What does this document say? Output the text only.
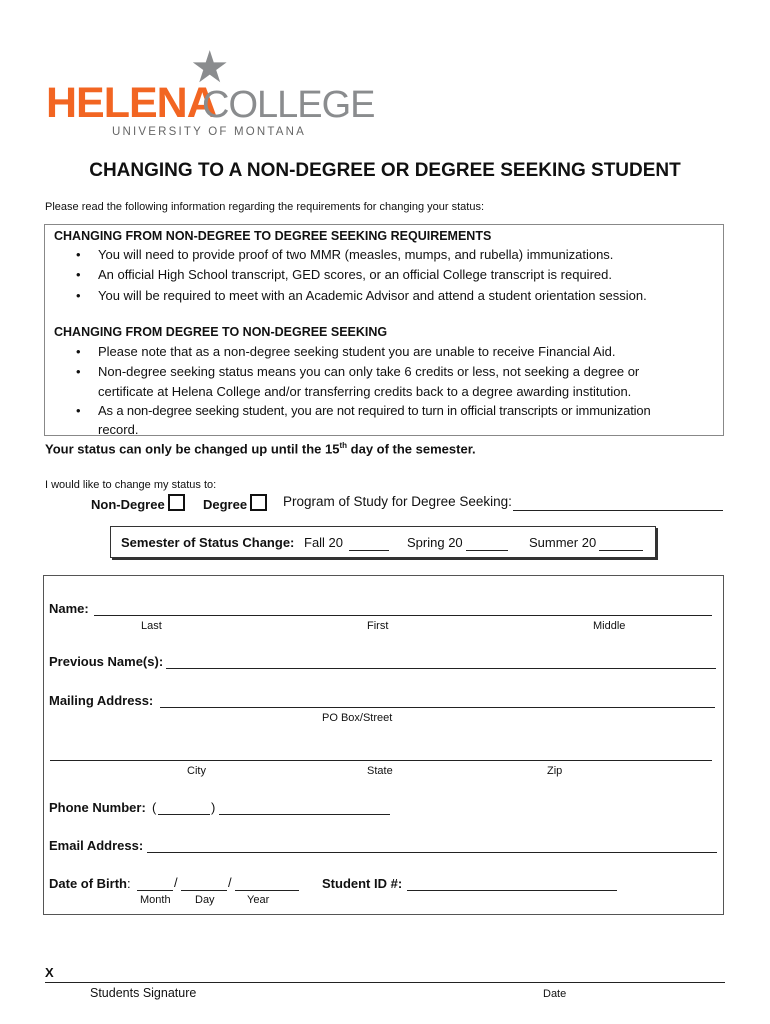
★
HELENA
COLLEGE
UNIVERSITY OF MONTANA
CHANGING TO A NON-DEGREE OR DEGREE SEEKING STUDENT
Please read the following information regarding the requirements for changing your status:
CHANGING FROM NON-DEGREE TO DEGREE SEEKING REQUIREMENTS
• You will need to provide proof of two MMR (measles, mumps, and rubella) immunizations.
• An official High School transcript, GED scores, or an official College transcript is required.
• You will be required to meet with an Academic Advisor and attend a student orientation session.
CHANGING FROM DEGREE TO NON-DEGREE SEEKING
• Please note that as a non-degree seeking student you are unable to receive Financial Aid.
• Non-degree seeking status means you can only take 6 credits or less, not seeking a degree or
certificate at Helena College and/or transferring credits back to a degree awarding institution.
• As a non-degree seeking student, you are not required to turn in official transcripts or immunization
record.
Your status can only be changed up until the 15th day of the semester.
I would like to change my status to:
Non-Degree	Degree	Program of Study for Degree Seeking:
Semester of Status Change: Fall 20	Spring 20	Summer 20
Name:
Last	First	Middle
Previous Name(s):
Mailing Address:
PO Box/Street
City	State	Zip
Phone Number: (	)
Email Address:
Date of Birth:	/	/
Month Day	Year
Student ID #:
X
Students Signature	Date
